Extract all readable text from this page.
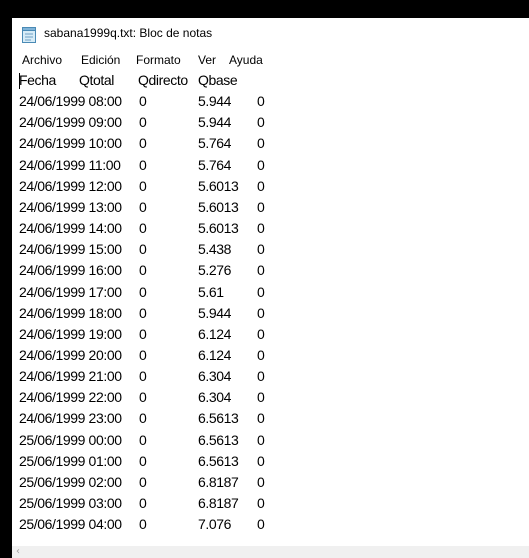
sabana1999q.txt: Bloc de notas
Archivo Edición Formato Ver Ayuda
Fecha Qtotal Qdirecto Qbase
24/06/1999 08:00 0	5.944 0
24/06/1999 09:00 0	5.944 0
24/06/1999 10:00 0	5.764 0
24/06/1999 11:00 0	5.764 0
24/06/1999 12:00 0	5.6013 0
24/06/1999 13:00 0	5.6013 0
24/06/1999 14:00 0	5.6013 0
24/06/1999 15:00 0	5.438 0
24/06/1999 16:00 0	5.276 0
24/06/1999 17:00 0	5.61 0
24/06/1999 18:00 0	5.944 0
24/06/1999 19:00 0	6.124 0
24/06/1999 20:00 0	6.124 0
24/06/1999 21:00 0	6.304 0
24/06/1999 22:00 0	6.304 0
24/06/1999 23:00 0	6.5613 0
25/06/1999 00:00 0	6.5613 0
25/06/1999 01:00 0	6.5613 0
25/06/1999 02:00 0	6.8187 0
25/06/1999 03:00 0	6.8187 0
25/06/1999 04:00 0	7.076 0
‹
